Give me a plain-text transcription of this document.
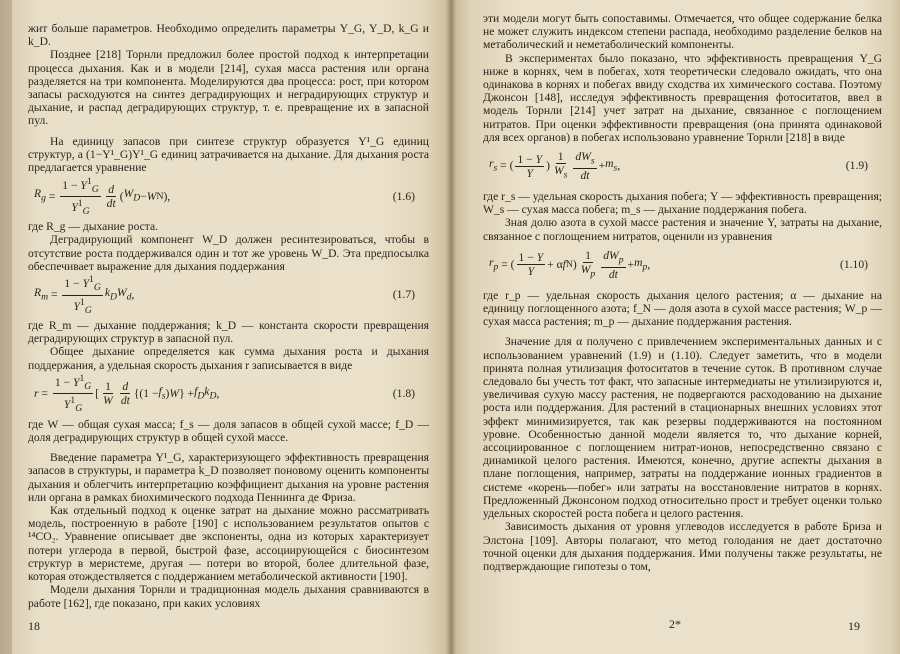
жит больше параметров. Необходимо определить параметры Y_G, Y_D, k_G и k_D.

Позднее [218] Торнли предложил более простой подход к интерпретации процесса дыхания. Как и в модели [214], сухая масса растения или органа разделяется на три компонента. Моделируются два процесса: рост, при котором запасы расходуются на синтез деградирующих и неградирующих структур и дыхание, и распад деградирующих структур, т. е. превращение их в запасной пул.

На единицу запасов при синтезе структур образуется Y¹_G единиц структур, а (1−Y¹_G)Y¹_G единиц затрачивается на дыхание. Для дыхания роста предлагается уравнение

$R_g = \frac{1 - Y^1_G}{Y^1_G} \frac{d}{dt}$ ( $W_D - W$ N ),	(1.6)

где R_g — дыхание роста.

Деградирующий компонент W_D должен ресинтезироваться, чтобы в отсутствие роста поддерживался один и тот же уровень W_D. Эта предпосылка обеспечивает выражение для дыхания поддержания

$R_m = \frac{1 - Y^1_G}{Y^1_G} k_DW_d$ ,	(1.7)

где R_m — дыхание поддержания; k_D — константа скорости превращения деградирующих структур в запасной пул.

Общее дыхание определяется как сумма дыхания роста и дыхания поддержания, а удельная скорость дыхания r записывается в виде

$r = \frac{1 - Y^1_G}{Y^1_G}$ [ $\frac{1}{W} \frac{d}{dt} \{(1 - f_s$ ) W } + $f_Dk_D$ ,	(1.8)

где W — общая сухая масса; f_s — доля запасов в общей сухой массе; f_D — доля деградирующих структур в общей сухой массе.

Введение параметра Y¹_G, характеризующего эффективность превращения запасов в структуры, и параметра k_D позволяет поновому оценить компоненты дыхания и облегчить интерпретацию коэффициент дыхания на уровне растения или органа в рамках биохимического подхода Пеннинга де Фриза.

Как отдельный подход к оценке затрат на дыхание можно рассматривать модель, построенную в работе [190] с использованием результатов опытов с ¹⁴CO₂. Уравнение описывает две экспоненты, одна из которых характеризует потери углерода в первой, быстрой фазе, ассоциирующейся с биосинтезом структур в меристеме, другая — потери во второй, более длительной фазе, которая отождествляется с поддержанием метаболической активности [190].

Модели дыхания Торнли и традиционная модель дыхания сравниваются в работе [162], где показано, при каких условиях

18

эти модели могут быть сопоставимы. Отмечается, что общее содержание белка не может служить индексом степени распада, необходимо разделение белков на метаболический и неметаболический компоненты.

В экспериментах было показано, что эффективность превращения Y_G ниже в корнях, чем в побегах, хотя теоретически следовало ожидать, что она одинакова в корнях и побегах ввиду сходства их химического состава. Поэтому Джонсон [148], исследуя эффективность превращения фотоситатов, ввел в модель Торнли [214] учет затрат на дыхание, связанное с поглощением нитратов. При оценки эффективности превращения (она принята одинаковой для всех органов) в побегах использовано уравнение Торнли [218] в виде

$r_s$ = ( $\frac{1 - Y}{Y}$ ) $\frac{1}{W_s} \frac{dW_s}{dt} + m_s$ ,	(1.9)

где r_s — удельная скорость дыхания побега; Y — эффективность превращения; W_s — сухая масса побега; m_s — дыхание поддержания побега.

Зная долю азота в сухой массе растения и значение Y, затраты на дыхание, связанное с поглощением нитратов, оценили из уравнения

$r_p$ = ( $\frac{1 - Y}{Y} + \alpha$ f N ) $\frac{1}{W_p} \frac{dW_p}{dt} + m_p$ ,	(1.10)

где r_p — удельная скорость дыхания целого растения; α — дыхание на единицу поглощенного азота; f_N — доля азота в сухой массе растения; W_p — сухая масса растения; m_p — дыхание поддержания растения.

Значение для α получено с привлечением экспериментальных данных и с использованием уравнений (1.9) и (1.10). Следует заметить, что в модели принята полная утилизация фотоситатов в течение суток. В противном случае следовало бы учесть тот факт, что запасные интермедиаты не утилизируются и, увеличивая сухую массу растения, не подвергаются расходованию на дыхание роста или поддержания. Для растений в стационарных внешних условиях этот эффект минимизируется, так как резервы поддерживаются на постоянном уровне. Особенностью данной модели является то, что дыхание корней, ассоциированное с поглощением нитрат-ионов, непосредственно связано с динамикой целого растения. Имеются, конечно, другие аспекты дыхания в плане поглощения, например, затраты на поддержание ионных градиентов в системе «корень—побег» или затраты на восстановление нитратов в корнях. Предложенный Джонсоном подход относительно прост и требует оценки только удельных скоростей роста побега и целого растения.

Зависимость дыхания от уровня углеводов исследуется в работе Бриза и Элстона [109]. Авторы полагают, что метод голодания не дает достаточно точной оценки для дыхания поддержания. Ими получены также результаты, не подтверждающие гипотезы о том,

2*	19
